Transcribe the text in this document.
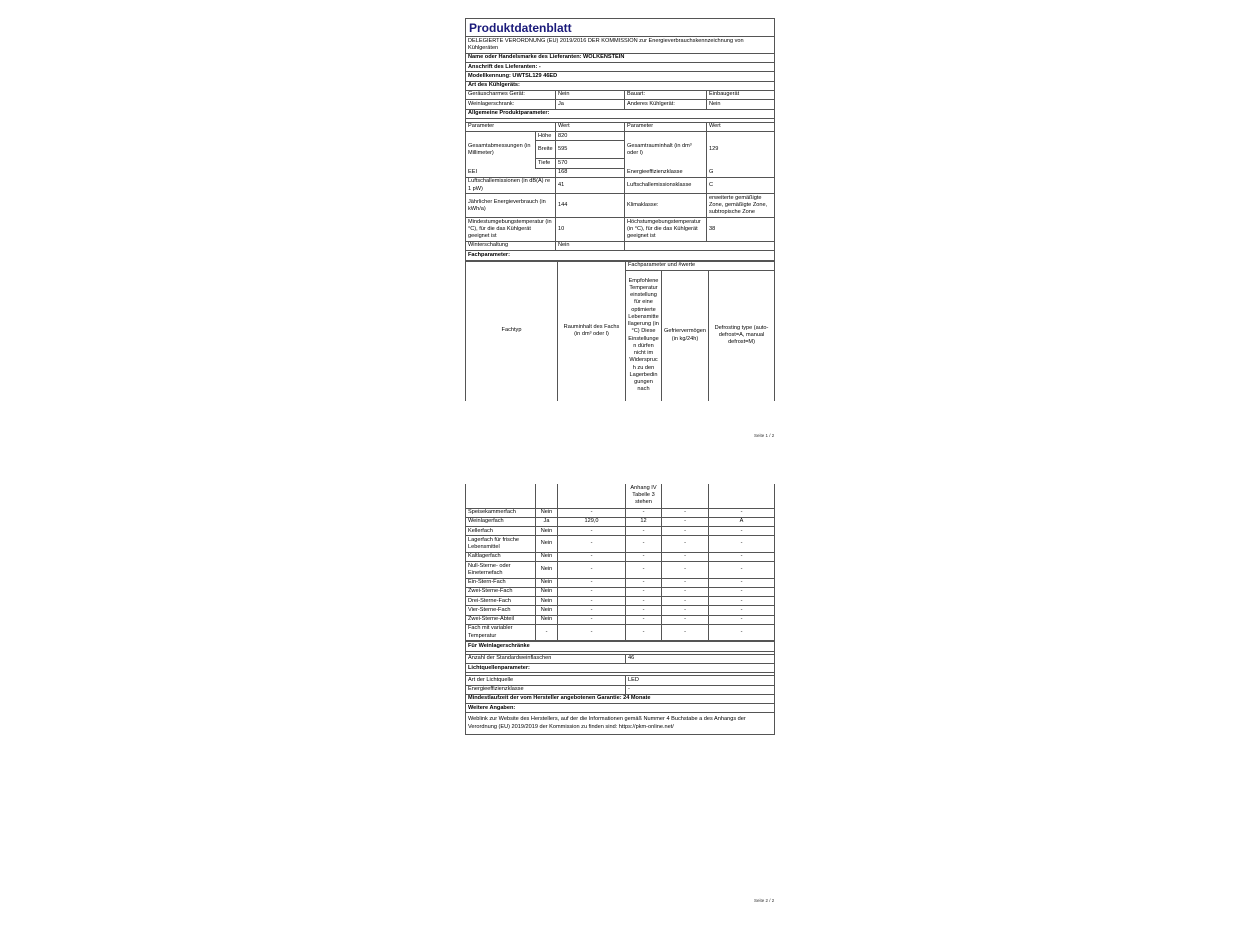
Produktdatenblatt				
DELEGIERTE VERORDNUNG (EU) 2019/2016 DER KOMMISSION zur Energieverbrauchskennzeichnung von Kühlgeräten				
Name oder Handelsmarke des Lieferanten: WOLKENSTEIN				
Anschrift des Lieferanten: -				
Modellkennung: UWTSL129 46ED				
Art des Kühlgeräts:				
Geräuscharmes Gerät:		Nein	Bauart:	Einbaugerät
Weinlagerschrank:		Ja	Anderes Kühlgerät:	Nein
Allgemeine Produktparameter:				

Parameter		Wert	Parameter	Wert
Gesamtabmessungen (in Millimeter)	Höhe	820	Gesamtrauminhalt (in dm³ oder l)	129
	Breite	595		
	Tiefe	570		
EEI		168	Energieeffizienzklasse	G
Luftschallemissionen (in dB(A) re 1 pW)		41	Luftschallemissionsklasse	C
Jährlicher Energieverbrauch (in kWh/a)		144	Klimaklasse:	erweiterte gemäßigte Zone, gemäßigte Zone, subtropische Zone
Mindestumgebungstemperatur (in °C), für die das Kühlgerät geeignet ist		10	Höchstumgebungstemperatur (in °C), für die das Kühlgerät geeignet ist	38
Winterschaltung		Nein		
Fachparameter:				
Fachtyp	Rauminhalt des Fachs (in dm³ oder l)	Fachparameter und #werte		
		Empfohlene Temperatureinstellung für eine optimierte Lebensmittellagerung (in °C) Diese Einstellungen dürfen nicht im Widerspruch zu den Lagerbedingungen nach	Gefriervermögen (in kg/24h)	Defrosting type (auto-defrost=A, manual defrost=M)
Seite 1 / 2
			Anhang IV Tabelle 3 stehen		
Speisekammerfach	Nein	-	-	-	-
Weinlagerfach	Ja	129,0	12	-	A
Kellerfach	Nein	-	-	-	-
Lagerfach für frische Lebensmittel	Nein	-	-	-	-
Kaltlagerfach	Nein	-	-	-	-
Null-Sterne- oder Eineternefach	Nein	-	-	-	-
Ein-Stern-Fach	Nein	-	-	-	-
Zwei-Sterne-Fach	Nein	-	-	-	-
Drei-Sterne-Fach	Nein	-	-	-	-
Vier-Sterne-Fach	Nein	-	-	-	-
Zwei-Sterne-Abteil	Nein	-	-	-	-
Fach mit variabler Temperatur	-	-	-	-	-
Für Weinlagerschränke	

Anzahl der Standardweinflaschen	46
Lichtquellenparameter:	

Art der Lichtquelle	LED
Energieeffizienzklasse	-
Mindestlaufzeit der vom Hersteller angebotenen Garantie: 24 Monate	
Weitere Angaben:	
Weblink zur Website des Herstellers, auf der die Informationen gemäß Nummer 4 Buchstabe a des Anhangs der Verordnung (EU) 2019/2019 der Kommission zu finden sind: https://pkm-online.net/	
Seite 2 / 2
